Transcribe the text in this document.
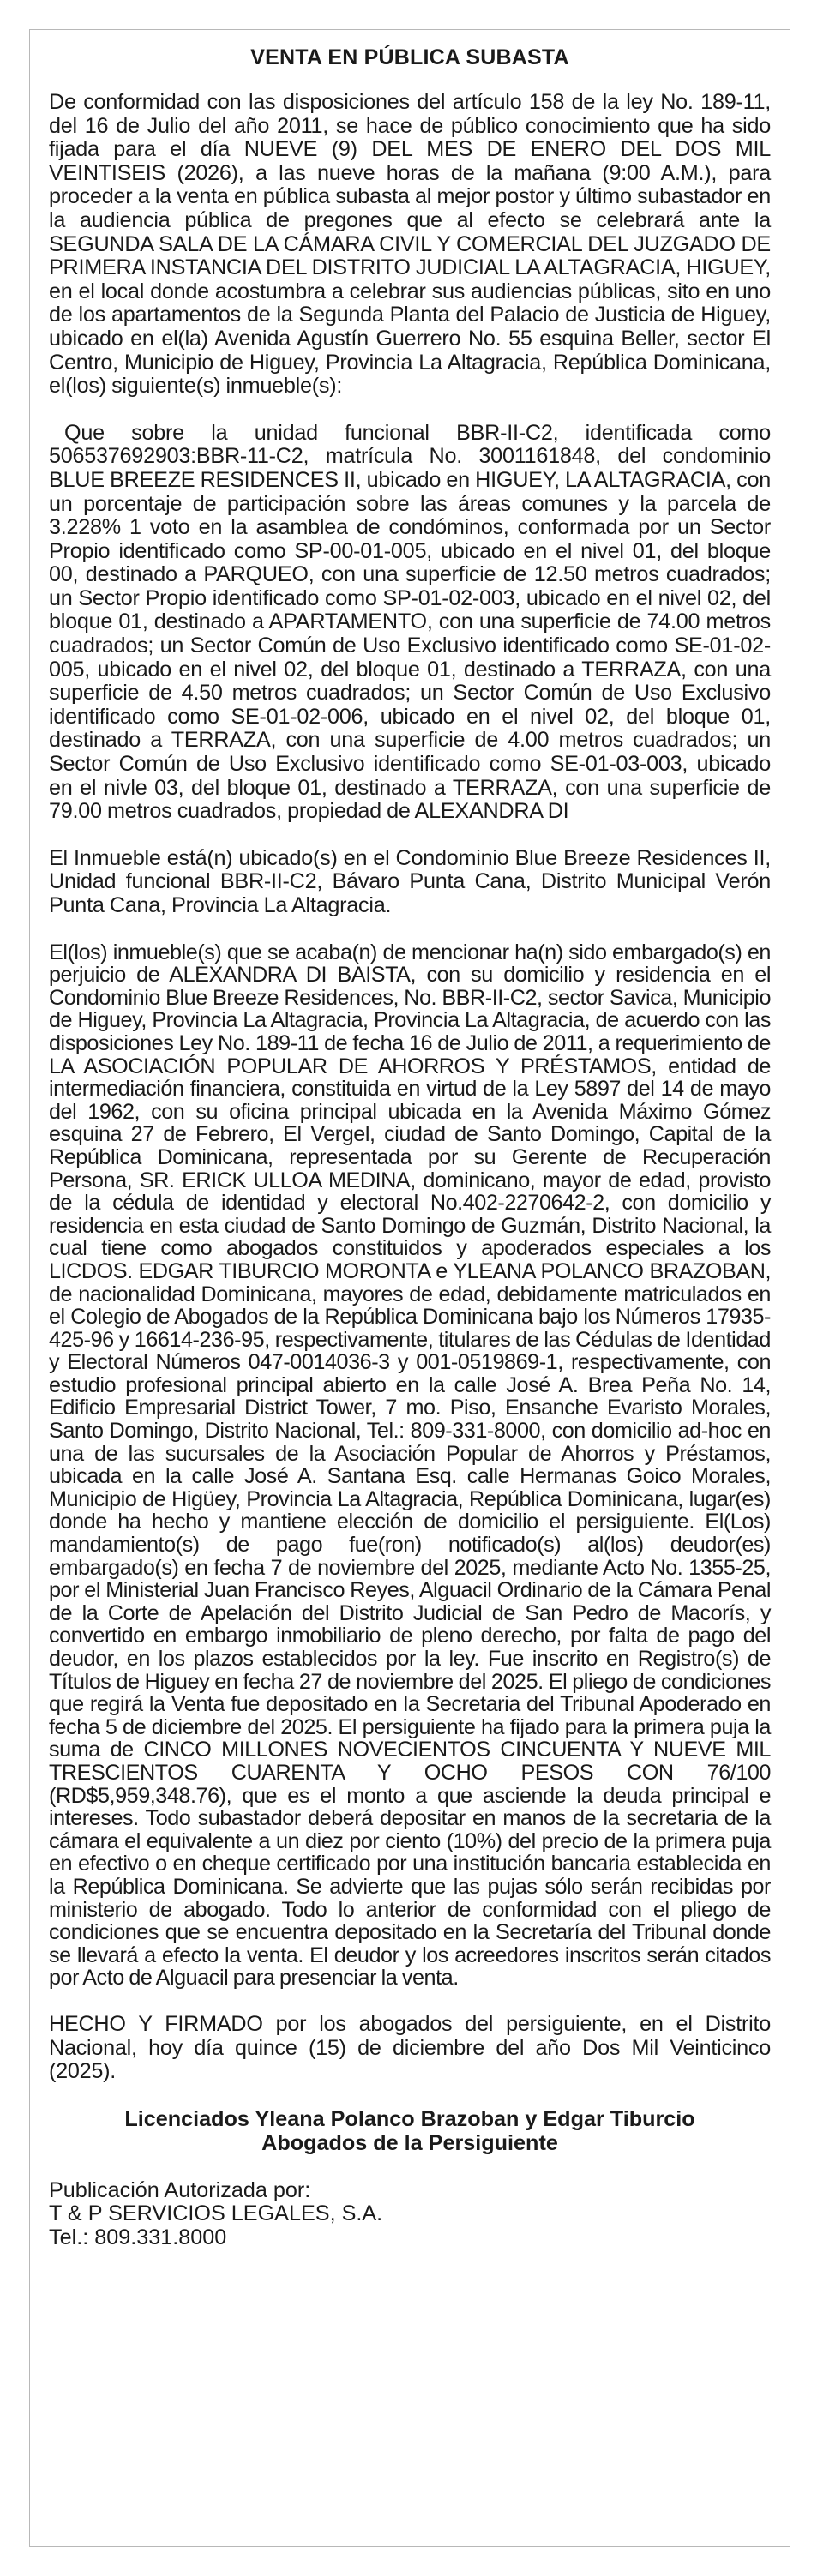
VENTA EN PÚBLICA SUBASTA

De conformidad con las disposiciones del artículo 158 de la ley No. 189-11, del 16 de Julio del año 2011, se hace de público conocimiento que ha sido fijada para el día NUEVE (9) DEL MES DE ENERO DEL DOS MIL VEINTISEIS (2026), a las nueve horas de la mañana (9:00 A.M.), para proceder a la venta en pública subasta al mejor postor y último subastador en la audiencia pública de pregones que al efecto se celebrará ante la SEGUNDA SALA DE LA CÁMARA CIVIL Y COMERCIAL DEL JUZGADO DE PRIMERA INSTANCIA DEL DISTRITO JUDICIAL LA ALTAGRACIA, HIGUEY, en el local donde acostumbra a celebrar sus audiencias públicas, sito en uno de los apartamentos de la Segunda Planta del Palacio de Justicia de Higuey, ubicado en el(la) Avenida Agustín Guerrero No. 55 esquina Beller, sector El Centro, Municipio de Higuey, Provincia La Altagracia, República Dominicana, el(los) siguiente(s) inmueble(s):

Que sobre la unidad funcional BBR-II-C2, identificada como 506537692903:BBR-11-C2, matrícula No. 3001161848, del condominio BLUE BREEZE RESIDENCES II, ubicado en HIGUEY, LA ALTAGRACIA, con un porcentaje de participación sobre las áreas comunes y la parcela de 3.228% 1 voto en la asamblea de condóminos, conformada por un Sector Propio identificado como SP-00-01-005, ubicado en el nivel 01, del bloque 00, destinado a PARQUEO, con una superficie de 12.50 metros cuadrados; un Sector Propio identificado como SP-01-02-003, ubicado en el nivel 02, del bloque 01, destinado a APARTAMENTO, con una superficie de 74.00 metros cuadrados; un Sector Común de Uso Exclusivo identificado como SE-01-02-005, ubicado en el nivel 02, del bloque 01, destinado a TERRAZA, con una superficie de 4.50 metros cuadrados; un Sector Común de Uso Exclusivo identificado como SE-01-02-006, ubicado en el nivel 02, del bloque 01, destinado a TERRAZA, con una superficie de 4.00 metros cuadrados; un Sector Común de Uso Exclusivo identificado como SE-01-03-003, ubicado en el nivle 03, del bloque 01, destinado a TERRAZA, con una superficie de 79.00 metros cuadrados, propiedad de ALEXANDRA DI

El Inmueble está(n) ubicado(s) en el Condominio Blue Breeze Residences II, Unidad funcional BBR-II-C2, Bávaro Punta Cana, Distrito Municipal Verón Punta Cana, Provincia La Altagracia.

El(los) inmueble(s) que se acaba(n) de mencionar ha(n) sido embargado(s) en perjuicio de ALEXANDRA DI BAISTA, con su domicilio y residencia en el Condominio Blue Breeze Residences, No. BBR-II-C2, sector Savica, Municipio de Higuey, Provincia La Altagracia, Provincia La Altagracia, de acuerdo con las disposiciones Ley No. 189-11 de fecha 16 de Julio de 2011, a requerimiento de LA ASOCIACIÓN POPULAR DE AHORROS Y PRÉSTAMOS, entidad de intermediación financiera, constituida en virtud de la Ley 5897 del 14 de mayo del 1962, con su oficina principal ubicada en la Avenida Máximo Gómez esquina 27 de Febrero, El Vergel, ciudad de Santo Domingo, Capital de la República Dominicana, representada por su Gerente de Recuperación Persona, SR. ERICK ULLOA MEDINA, dominicano, mayor de edad, provisto de la cédula de identidad y electoral No.402-2270642-2, con domicilio y residencia en esta ciudad de Santo Domingo de Guzmán, Distrito Nacional, la cual tiene como abogados constituidos y apoderados especiales a los LICDOS. EDGAR TIBURCIO MORONTA e YLEANA POLANCO BRAZOBAN, de nacionalidad Dominicana, mayores de edad, debidamente matriculados en el Colegio de Abogados de la República Dominicana bajo los Números 17935-425-96 y 16614-236-95, respectivamente, titulares de las Cédulas de Identidad y Electoral Números 047-0014036-3 y 001-0519869-1, respectivamente, con estudio profesional principal abierto en la calle José A. Brea Peña No. 14, Edificio Empresarial District Tower, 7 mo. Piso, Ensanche Evaristo Morales, Santo Domingo, Distrito Nacional, Tel.: 809-331-8000, con domicilio ad-hoc en una de las sucursales de la Asociación Popular de Ahorros y Préstamos, ubicada en la calle José A. Santana Esq. calle Hermanas Goico Morales, Municipio de Higüey, Provincia La Altagracia, República Dominicana, lugar(es) donde ha hecho y mantiene elección de domicilio el persiguiente. El(Los) mandamiento(s) de pago fue(ron) notificado(s) al(los) deudor(es) embargado(s) en fecha 7 de noviembre del 2025, mediante Acto No. 1355-25, por el Ministerial Juan Francisco Reyes, Alguacil Ordinario de la Cámara Penal de la Corte de Apelación del Distrito Judicial de San Pedro de Macorís, y convertido en embargo inmobiliario de pleno derecho, por falta de pago del deudor, en los plazos establecidos por la ley. Fue inscrito en Registro(s) de Títulos de Higuey en fecha 27 de noviembre del 2025. El pliego de condiciones que regirá la Venta fue depositado en la Secretaria del Tribunal Apoderado en fecha 5 de diciembre del 2025. El persiguiente ha fijado para la primera puja la suma de CINCO MILLONES NOVECIENTOS CINCUENTA Y NUEVE MIL TRESCIENTOS CUARENTA Y OCHO PESOS CON 76/100 (RD$5,959,348.76), que es el monto a que asciende la deuda principal e intereses. Todo subastador deberá depositar en manos de la secretaria de la cámara el equivalente a un diez por ciento (10%) del precio de la primera puja en efectivo o en cheque certificado por una institución bancaria establecida en la República Dominicana. Se advierte que las pujas sólo serán recibidas por ministerio de abogado. Todo lo anterior de conformidad con el pliego de condiciones que se encuentra depositado en la Secretaría del Tribunal donde se llevará a efecto la venta. El deudor y los acreedores inscritos serán citados por Acto de Alguacil para presenciar la venta.

HECHO Y FIRMADO por los abogados del persiguiente, en el Distrito Nacional, hoy día quince (15) de diciembre del año Dos Mil Veinticinco (2025).

Licenciados Yleana Polanco Brazoban y Edgar Tiburcio
Abogados de la Persiguiente
Publicación Autorizada por:
T & P SERVICIOS LEGALES, S.A.
Tel.: 809.331.8000
